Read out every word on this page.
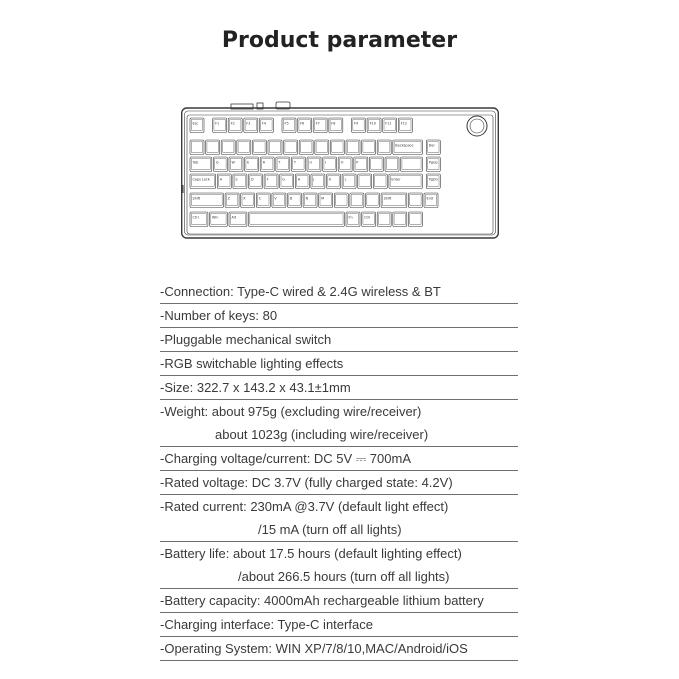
Product parameter
Esc	F1	F2	F3	F4	F5	F6	F7	F8	F9	F10	F11	F12
Backspace	Del
Tab	Q	W	E	R	T	Y	U	I	O	P	PgUp
Caps Lock	A	S	D	F	G	H	J	K	L	Enter	PgDn
Shift	Z	X	C	V	B	N	M	Shift	End
Ctrl	Win	Alt	Fn	Ctrl
-Connection: Type-C wired & 2.4G wireless & BT
-Number of keys: 80
-Pluggable mechanical switch
-RGB switchable lighting effects
-Size: 322.7 x 143.2 x 43.1±1mm
-Weight: about 975g (excluding wire/receiver)
about 1023g (including wire/receiver)
-Charging voltage/current: DC 5V ⎓ 700mA
-Rated voltage: DC 3.7V (fully charged state: 4.2V)
-Rated current: 230mA @3.7V (default light effect)
/15 mA (turn off all lights)
-Battery life: about 17.5 hours (default lighting effect)
/about 266.5 hours (turn off all lights)
-Battery capacity: 4000mAh rechargeable lithium battery
-Charging interface: Type-C interface
-Operating System: WIN XP/7/8/10,MAC/Android/iOS
